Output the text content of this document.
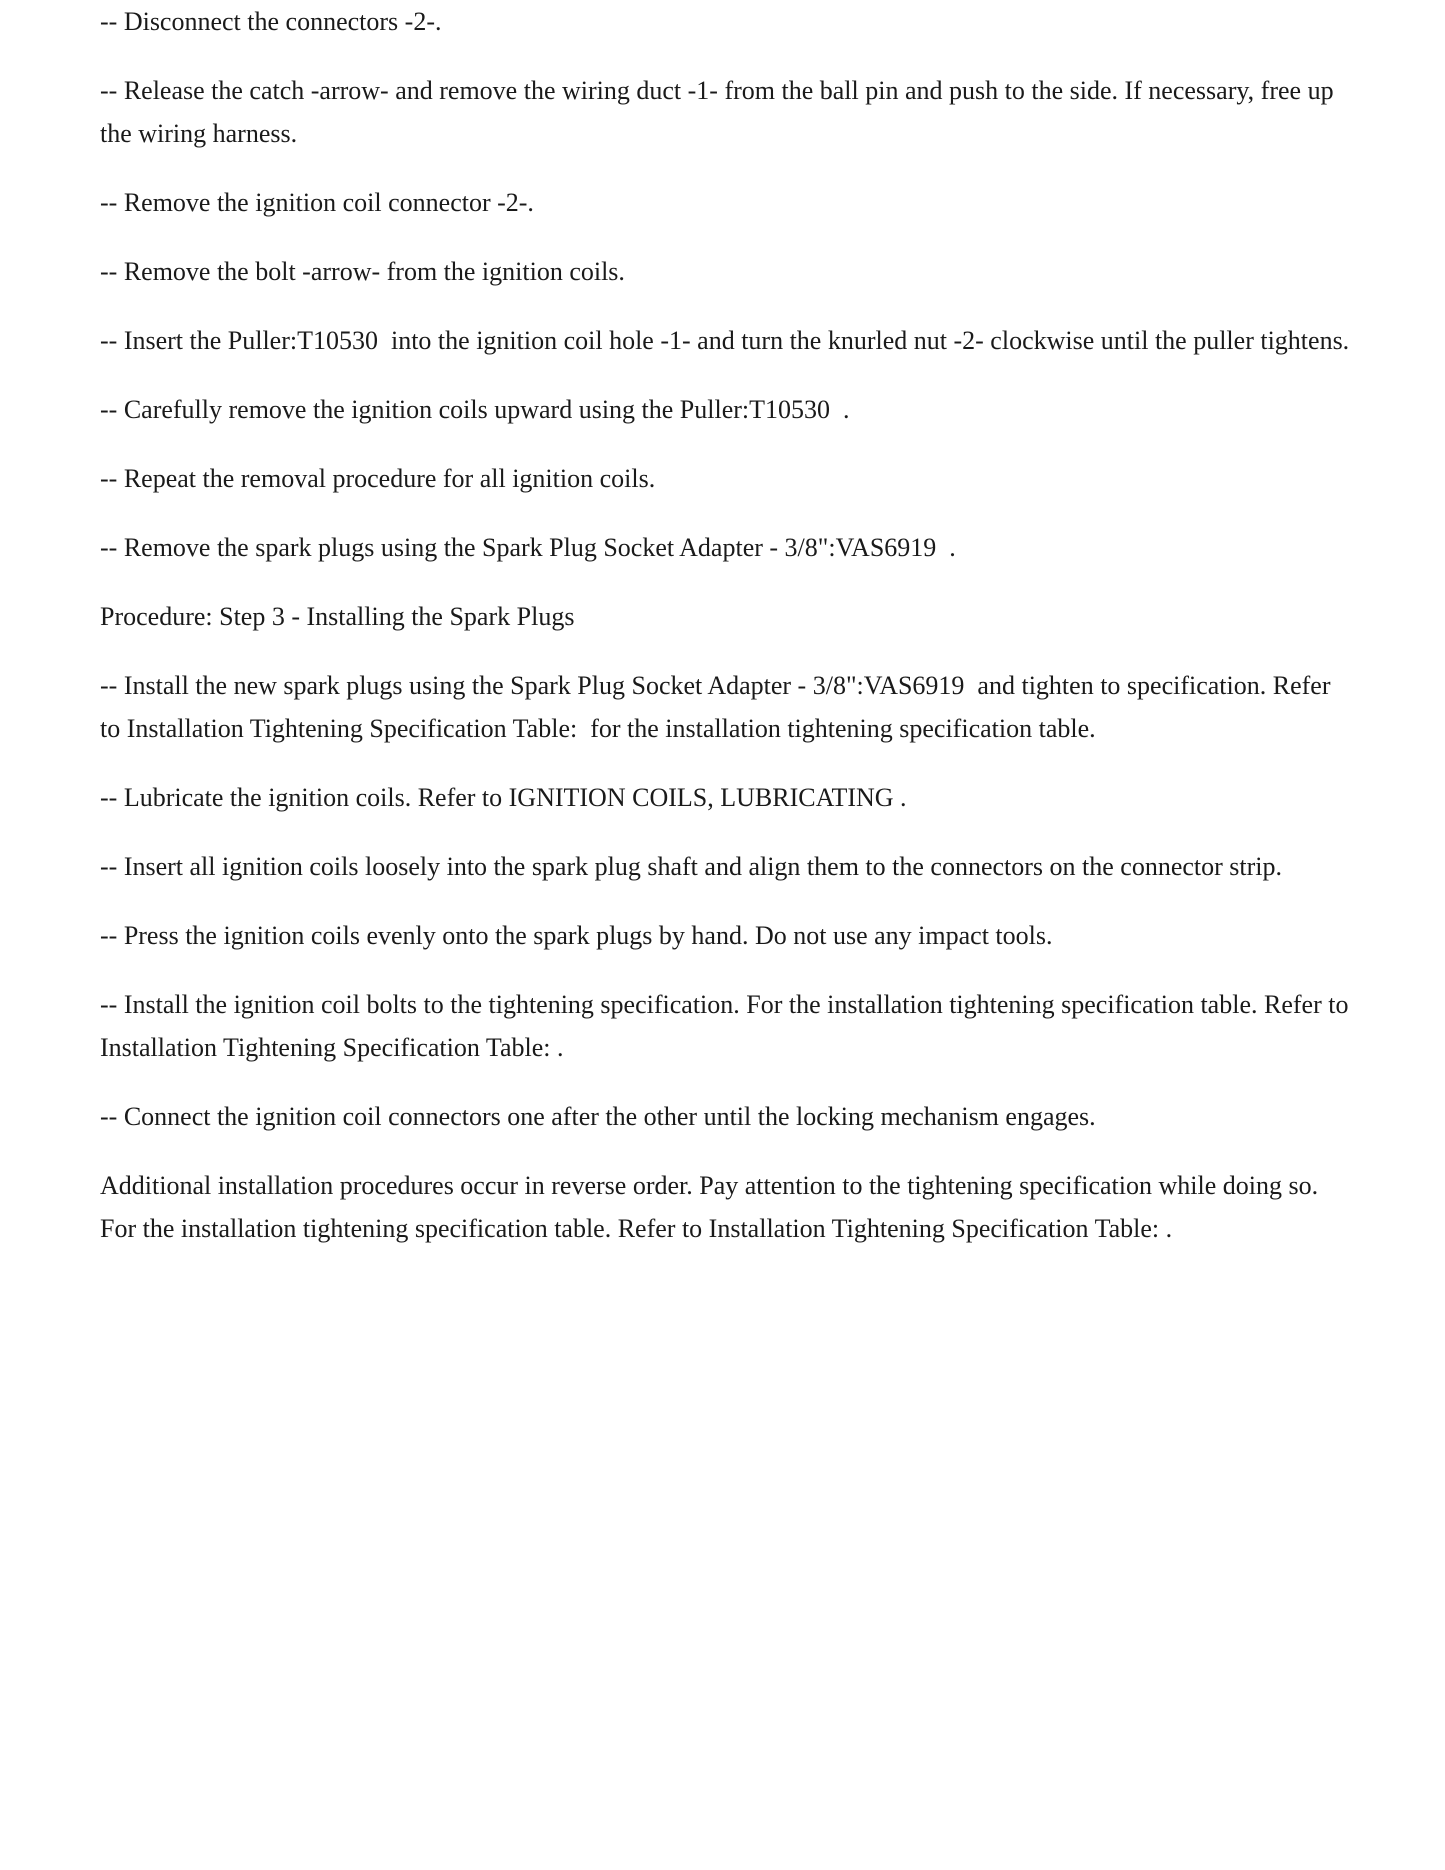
-- Disconnect the connectors -2-.

-- Release the catch -arrow- and remove the wiring duct -1- from the ball pin and push to the side. If necessary, free up the wiring harness.

-- Remove the ignition coil connector -2-.

-- Remove the bolt -arrow- from the ignition coils.

-- Insert the Puller:T10530  into the ignition coil hole -1- and turn the knurled nut -2- clockwise until the puller tightens.

-- Carefully remove the ignition coils upward using the Puller:T10530  .

-- Repeat the removal procedure for all ignition coils.

-- Remove the spark plugs using the Spark Plug Socket Adapter - 3/8":VAS6919  .

Procedure: Step 3 - Installing the Spark Plugs

-- Install the new spark plugs using the Spark Plug Socket Adapter - 3/8":VAS6919  and tighten to specification. Refer to Installation Tightening Specification Table:  for the installation tightening specification table.

-- Lubricate the ignition coils. Refer to IGNITION COILS, LUBRICATING .

-- Insert all ignition coils loosely into the spark plug shaft and align them to the connectors on the connector strip.

-- Press the ignition coils evenly onto the spark plugs by hand. Do not use any impact tools.

-- Install the ignition coil bolts to the tightening specification. For the installation tightening specification table. Refer to Installation Tightening Specification Table: .

-- Connect the ignition coil connectors one after the other until the locking mechanism engages.

Additional installation procedures occur in reverse order. Pay attention to the tightening specification while doing so. For the installation tightening specification table. Refer to Installation Tightening Specification Table: .
